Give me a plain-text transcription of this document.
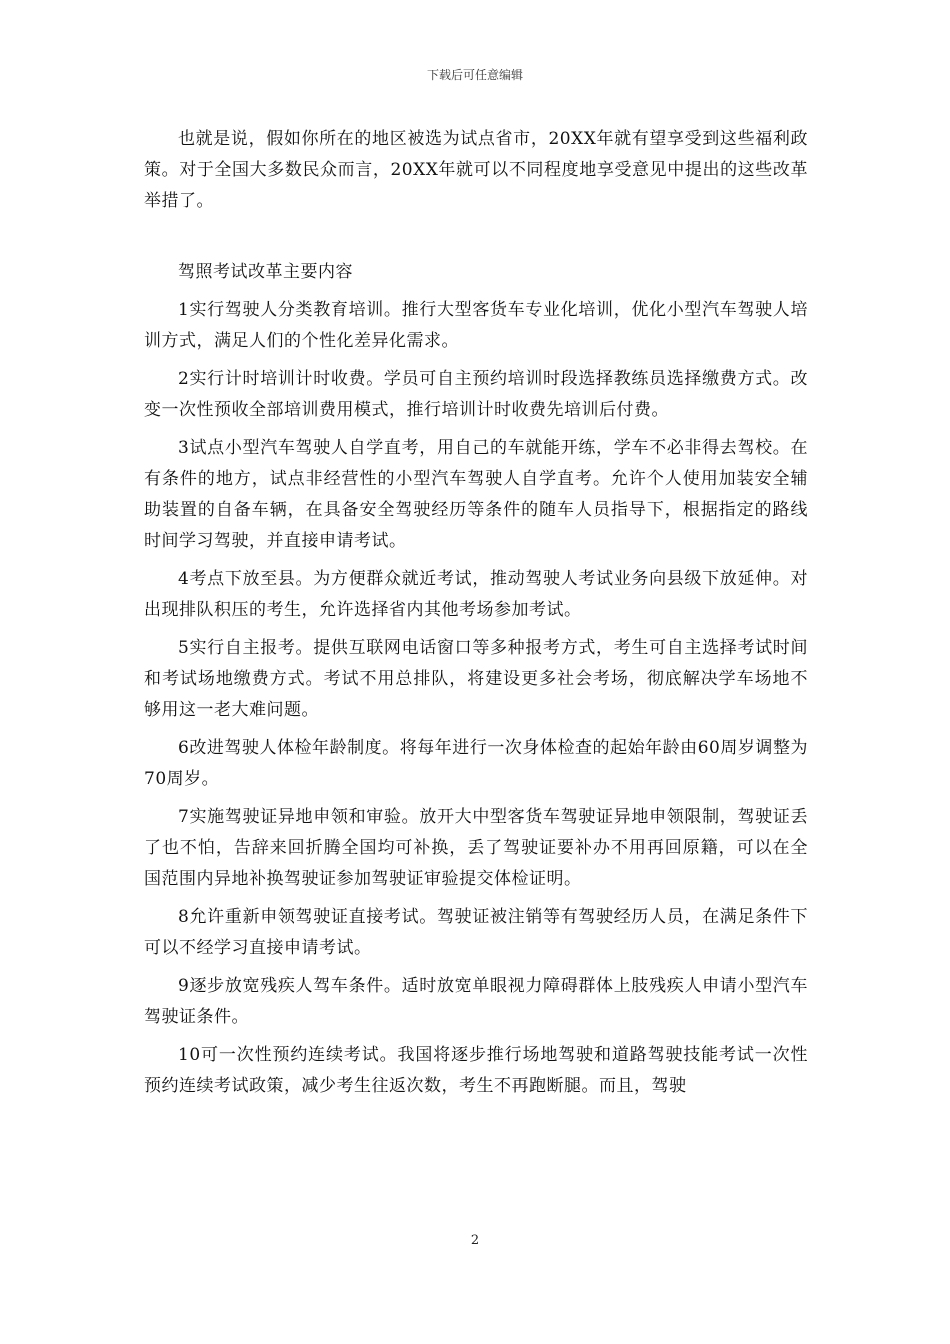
下载后可任意编辑

也就是说，假如你所在的地区被选为试点省市，20XX年就有望享受到这些福利政策。对于全国大多数民众而言，20XX年就可以不同程度地享受意见中提出的这些改革举措了。

驾照考试改革主要内容

1实行驾驶人分类教育培训。推行大型客货车专业化培训，优化小型汽车驾驶人培训方式，满足人们的个性化差异化需求。

2实行计时培训计时收费。学员可自主预约培训时段选择教练员选择缴费方式。改变一次性预收全部培训费用模式，推行培训计时收费先培训后付费。

3试点小型汽车驾驶人自学直考，用自己的车就能开练，学车不必非得去驾校。在有条件的地方，试点非经营性的小型汽车驾驶人自学直考。允许个人使用加装安全辅助装置的自备车辆，在具备安全驾驶经历等条件的随车人员指导下，根据指定的路线时间学习驾驶，并直接申请考试。

4考点下放至县。为方便群众就近考试，推动驾驶人考试业务向县级下放延伸。对出现排队积压的考生，允许选择省内其他考场参加考试。

5实行自主报考。提供互联网电话窗口等多种报考方式，考生可自主选择考试时间和考试场地缴费方式。考试不用总排队，将建设更多社会考场，彻底解决学车场地不够用这一老大难问题。

6改进驾驶人体检年龄制度。将每年进行一次身体检查的起始年龄由60周岁调整为70周岁。

7实施驾驶证异地申领和审验。放开大中型客货车驾驶证异地申领限制，驾驶证丢了也不怕，告辞来回折腾全国均可补换，丢了驾驶证要补办不用再回原籍，可以在全国范围内异地补换驾驶证参加驾驶证审验提交体检证明。

8允许重新申领驾驶证直接考试。驾驶证被注销等有驾驶经历人员，在满足条件下可以不经学习直接申请考试。

9逐步放宽残疾人驾车条件。适时放宽单眼视力障碍群体上肢残疾人申请小型汽车驾驶证条件。

10可一次性预约连续考试。我国将逐步推行场地驾驶和道路驾驶技能考试一次性预约连续考试政策，减少考生往返次数，考生不再跑断腿。而且，驾驶

2
